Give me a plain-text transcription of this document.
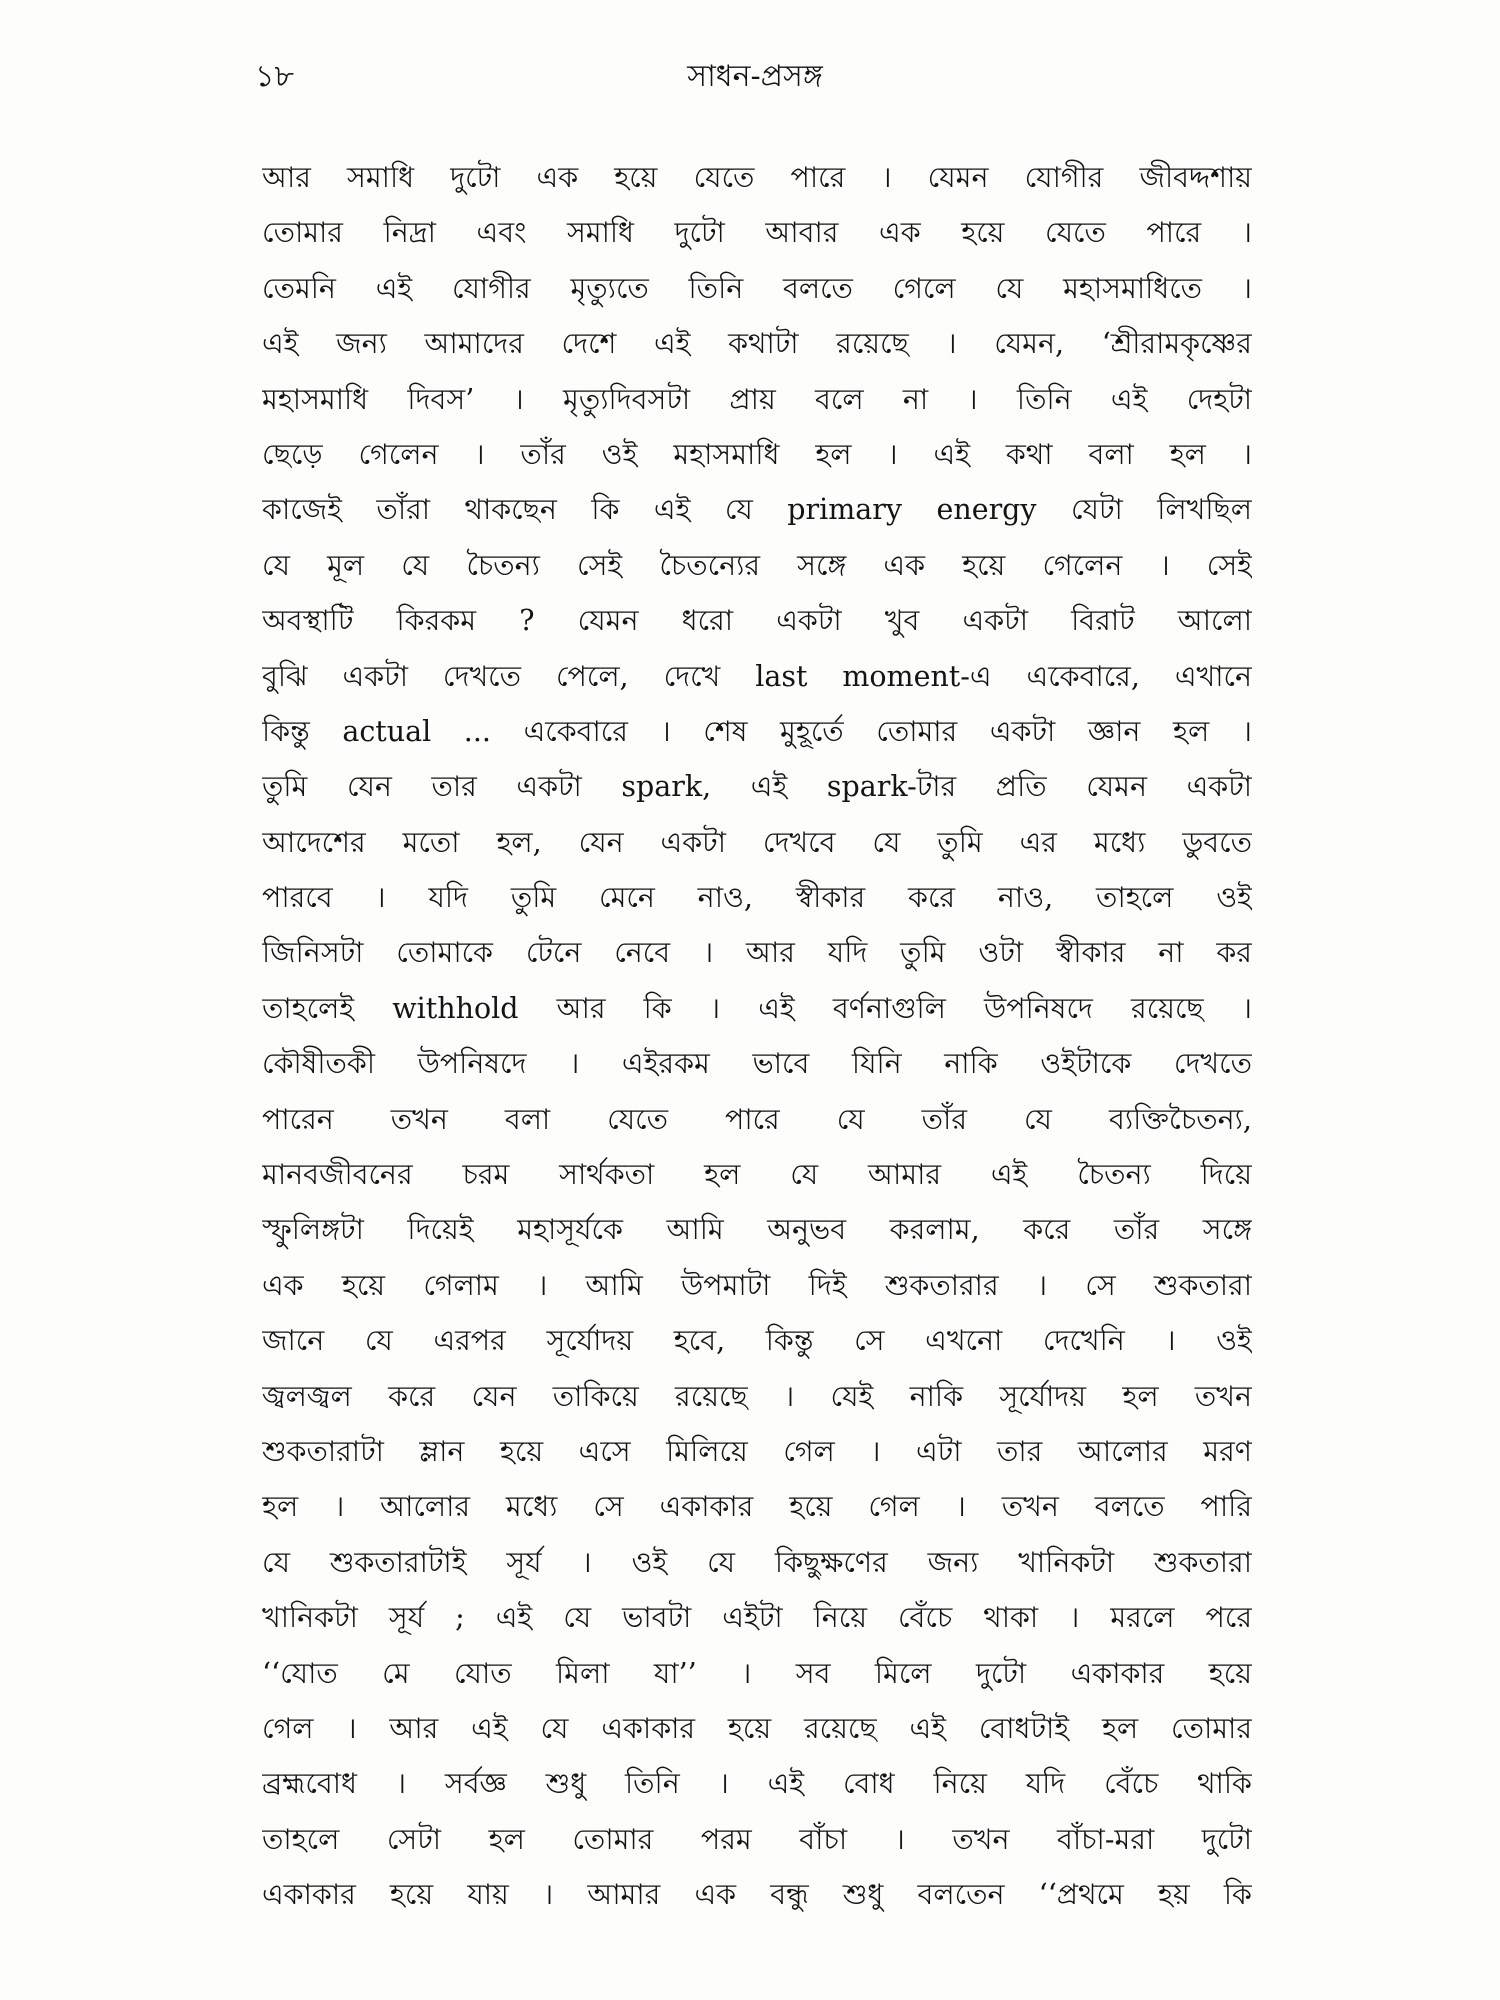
১৮	সাধন-প্রসঙ্গ
আর সমাধি দুটো এক হয়ে যেতে পারে । যেমন যোগীর জীবদ্দশায়
তোমার নিদ্রা এবং সমাধি দুটো আবার এক হয়ে যেতে পারে ।
তেমনি এই যোগীর মৃত্যুতে তিনি বলতে গেলে যে মহাসমাধিতে ।
এই জন্য আমাদের দেশে এই কথাটা রয়েছে । যেমন, ‘শ্রীরামকৃষ্ণের
মহাসমাধি দিবস’ । মৃত্যুদিবসটা প্রায় বলে না । তিনি এই দেহটা
ছেড়ে গেলেন । তাঁর ওই মহাসমাধি হল । এই কথা বলা হল ।
কাজেই তাঁরা থাকছেন কি এই যে primary energy যেটা লিখছিল
যে মূল যে চৈতন্য সেই চৈতন্যের সঙ্গে এক হয়ে গেলেন । সেই
অবস্থাটি কিরকম ? যেমন ধরো একটা খুব একটা বিরাট আলো
বুঝি একটা দেখতে পেলে, দেখে last moment-এ একেবারে, এখানে
কিন্তু actual ... একেবারে । শেষ মুহূর্তে তোমার একটা জ্ঞান হল ।
তুমি যেন তার একটা spark, এই spark-টার প্রতি যেমন একটা
আদেশের মতো হল, যেন একটা দেখবে যে তুমি এর মধ্যে ডুবতে
পারবে । যদি তুমি মেনে নাও, স্বীকার করে নাও, তাহলে ওই
জিনিসটা তোমাকে টেনে নেবে । আর যদি তুমি ওটা স্বীকার না কর
তাহলেই withhold আর কি । এই বর্ণনাগুলি উপনিষদে রয়েছে ।
কৌষীতকী উপনিষদে । এইরকম ভাবে যিনি নাকি ওইটাকে দেখতে
পারেন তখন বলা যেতে পারে যে তাঁর যে ব্যক্তিচৈতন্য,
মানবজীবনের চরম সার্থকতা হল যে আমার এই চৈতন্য দিয়ে
স্ফুলিঙ্গটা দিয়েই মহাসূর্যকে আমি অনুভব করলাম, করে তাঁর সঙ্গে
এক হয়ে গেলাম । আমি উপমাটা দিই শুকতারার । সে শুকতারা
জানে যে এরপর সূর্যোদয় হবে, কিন্তু সে এখনো দেখেনি । ওই
জ্বলজ্বল করে যেন তাকিয়ে রয়েছে । যেই নাকি সূর্যোদয় হল তখন
শুকতারাটা ম্লান হয়ে এসে মিলিয়ে গেল । এটা তার আলোর মরণ
হল । আলোর মধ্যে সে একাকার হয়ে গেল । তখন বলতে পারি
যে শুকতারাটাই সূর্য । ওই যে কিছুক্ষণের জন্য খানিকটা শুকতারা
খানিকটা সূর্য ; এই যে ভাবটা এইটা নিয়ে বেঁচে থাকা । মরলে পরে
‘‘যোত মে যোত মিলা যা’’ । সব মিলে দুটো একাকার হয়ে
গেল । আর এই যে একাকার হয়ে রয়েছে এই বোধটাই হল তোমার
ব্রহ্মবোধ । সর্বজ্ঞ শুধু তিনি । এই বোধ নিয়ে যদি বেঁচে থাকি
তাহলে সেটা হল তোমার পরম বাঁচা । তখন বাঁচা-মরা দুটো
একাকার হয়ে যায় । আমার এক বন্ধু শুধু বলতেন ‘‘প্রথমে হয় কি
